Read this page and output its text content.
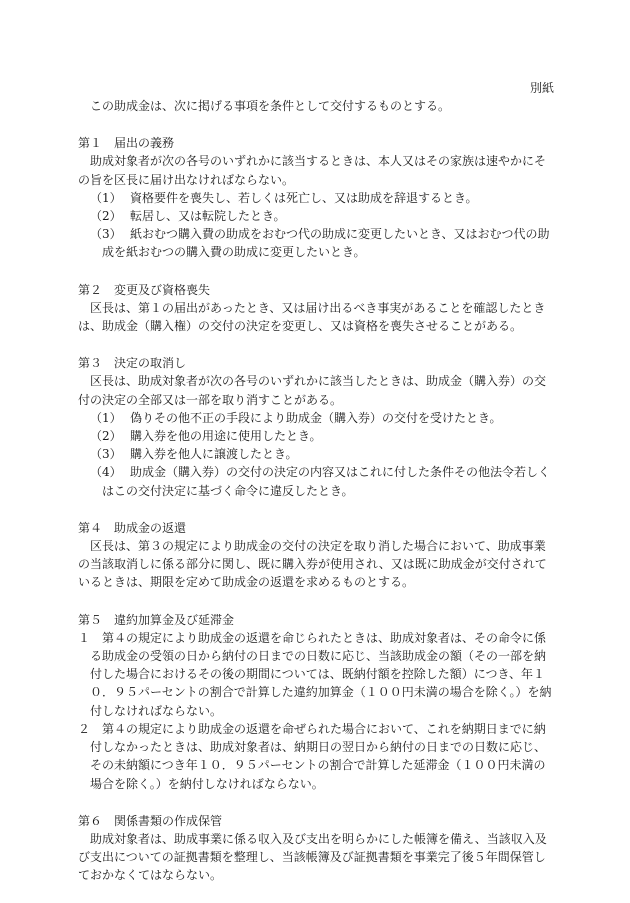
別紙

この助成金は、次に掲げる事項を条件として交付するものとする。

第１　届出の義務

助成対象者が次の各号のいずれかに該当するときは、本人又はその家族は速やかにその旨を区長に届け出なければならない。

（1） 資格要件を喪失し、若しくは死亡し、又は助成を辞退するとき。

（2） 転居し、又は転院したとき。

（3） 紙おむつ購入費の助成をおむつ代の助成に変更したいとき、又はおむつ代の助成を紙おむつの購入費の助成に変更したいとき。

第２　変更及び資格喪失

区長は、第１の届出があったとき、又は届け出るべき事実があることを確認したときは、助成金（購入権）の交付の決定を変更し、又は資格を喪失させることがある。

第３　決定の取消し

区長は、助成対象者が次の各号のいずれかに該当したときは、助成金（購入券）の交付の決定の全部又は一部を取り消すことがある。

（1） 偽りその他不正の手段により助成金（購入券）の交付を受けたとき。

（2） 購入券を他の用途に使用したとき。

（3） 購入券を他人に譲渡したとき。

（4） 助成金（購入券）の交付の決定の内容又はこれに付した条件その他法令若しくはこの交付決定に基づく命令に違反したとき。

第４　助成金の返還

区長は、第３の規定により助成金の交付の決定を取り消した場合において、助成事業の当該取消しに係る部分に関し、既に購入券が使用され、又は既に助成金が交付されているときは、期限を定めて助成金の返還を求めるものとする。

第５　違約加算金及び延滞金

１ 第４の規定により助成金の返還を命じられたときは、助成対象者は、その命令に係る助成金の受領の日から納付の日までの日数に応じ、当該助成金の額（その一部を納付した場合におけるその後の期間については、既納付額を控除した額）につき、年１０．９５パーセントの割合で計算した違約加算金（１００円未満の場合を除く。）を納付しなければならない。

２ 第４の規定により助成金の返還を命ぜられた場合において、これを納期日までに納付しなかったときは、助成対象者は、納期日の翌日から納付の日までの日数に応じ、その未納額につき年１０．９５パーセントの割合で計算した延滞金（１００円未満の場合を除く。）を納付しなければならない。

第６　関係書類の作成保管

助成対象者は、助成事業に係る収入及び支出を明らかにした帳簿を備え、当該収入及び支出についての証拠書類を整理し、当該帳簿及び証拠書類を事業完了後５年間保管しておかなくてはならない。
